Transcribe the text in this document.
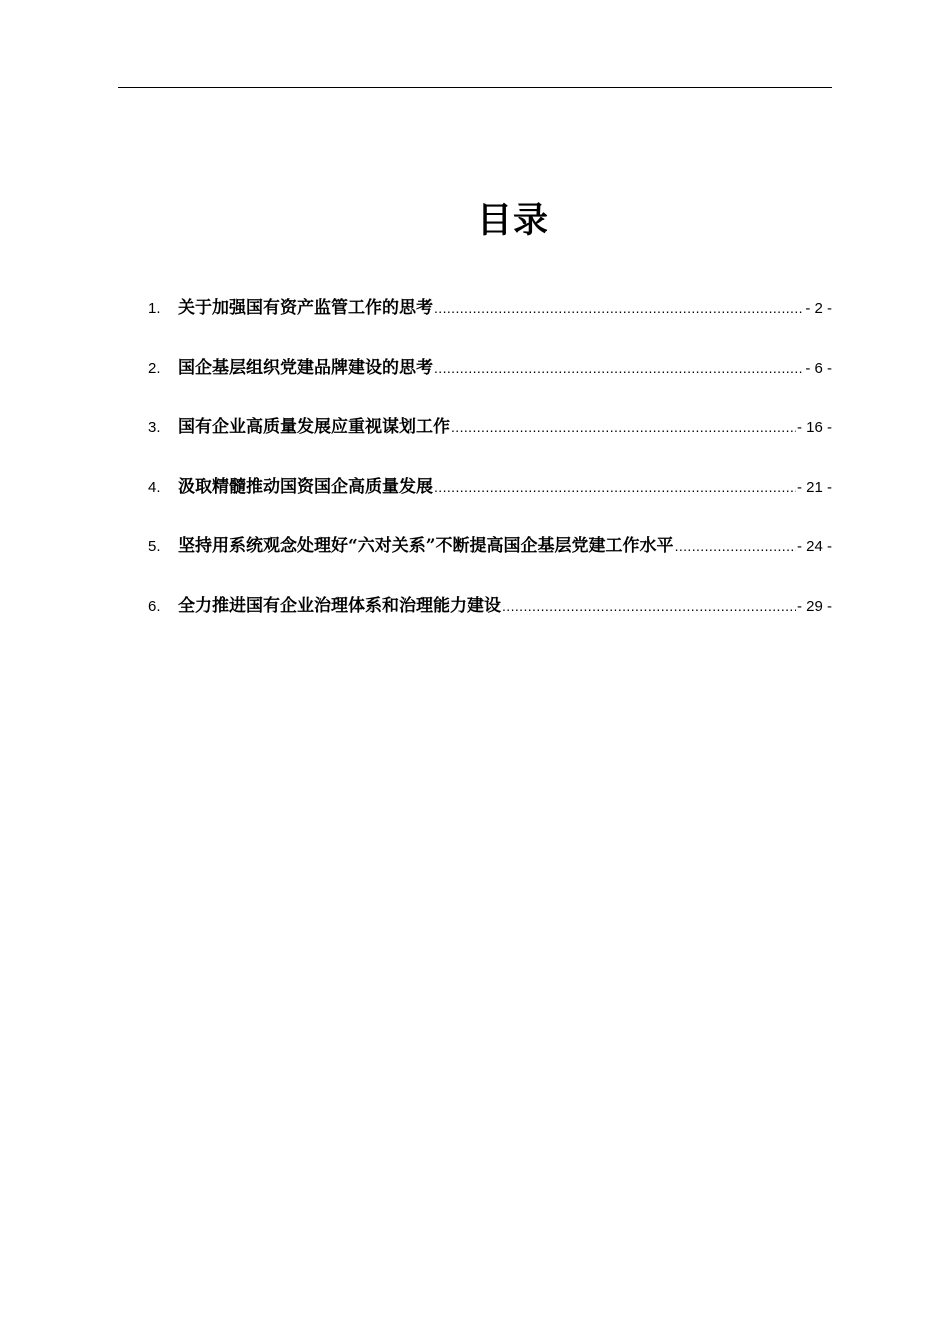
目录
1.	关于加强国有资产监管工作的思考 .....	- 2 -
2.	国企基层组织党建品牌建设的思考 .....	- 6 -
3.	国有企业高质量发展应重视谋划工作 .....	- 16 -
4.	汲取精髓推动国资国企高质量发展 .....	- 21 -
5.	坚持用系统观念处理好“六对关系”不断提高国企基层党建工作水平 .....	- 24 -
6.	全力推进国有企业治理体系和治理能力建设 .....	- 29 -
